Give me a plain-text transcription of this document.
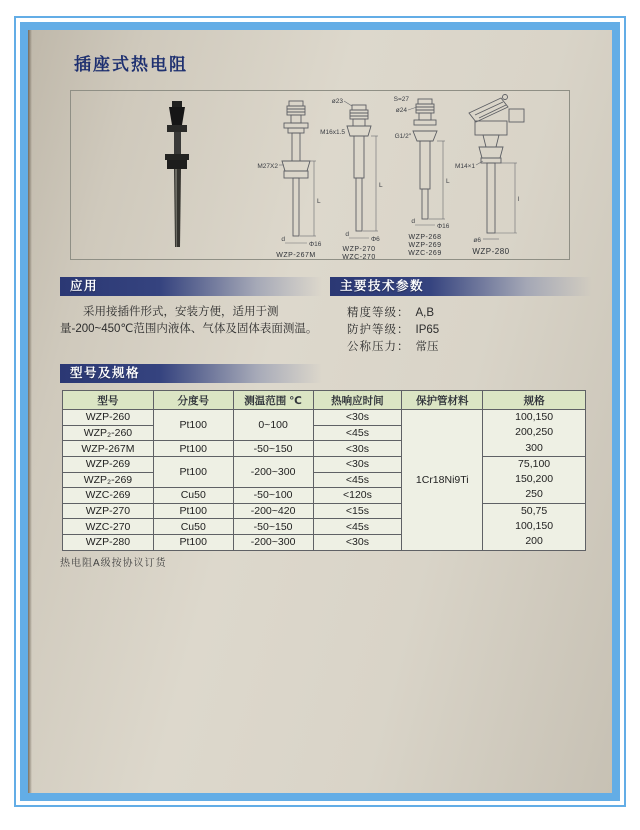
插座式热电阻
M27X2
L
d
Φ16
WZP-267M
ø23
M16x1.5
L
d
Φ6
WZP-270
WZC-270
S=27
ø24
G1/2″
L
d
Φ16
WZP-268
WZP-269
WZC-269
M14×1
l
ø6
WZP-280
应用

采用接插件形式，安装方便，适用于测量-200~450℃范围内液体、气体及固体表面测温。

主要技术参数
精度等级： A,B
防护等级： IP65
公称压力： 常压
型号及规格
型号	分度号	测温范围 ℃	热响应时间	保护管材料	规格
WZP-260	Pt100	0~100	<30s	1Cr18Ni9Ti	100,150
200,250
300

WZP₂-260			<45s		
WZP-267M	Pt100	-50~150	<30s		
WZP-269	Pt100	-200~300	<30s		75,100
150,200
250

WZP₂-269			<45s		
WZC-269	Cu50	-50~100	<120s		
WZP-270	Pt100	-200~420	<15s		50,75
100,150
200

WZC-270	Cu50	-50~150	<45s		
WZP-280	Pt100	-200~300	<30s		
热电阻A级按协议订货
